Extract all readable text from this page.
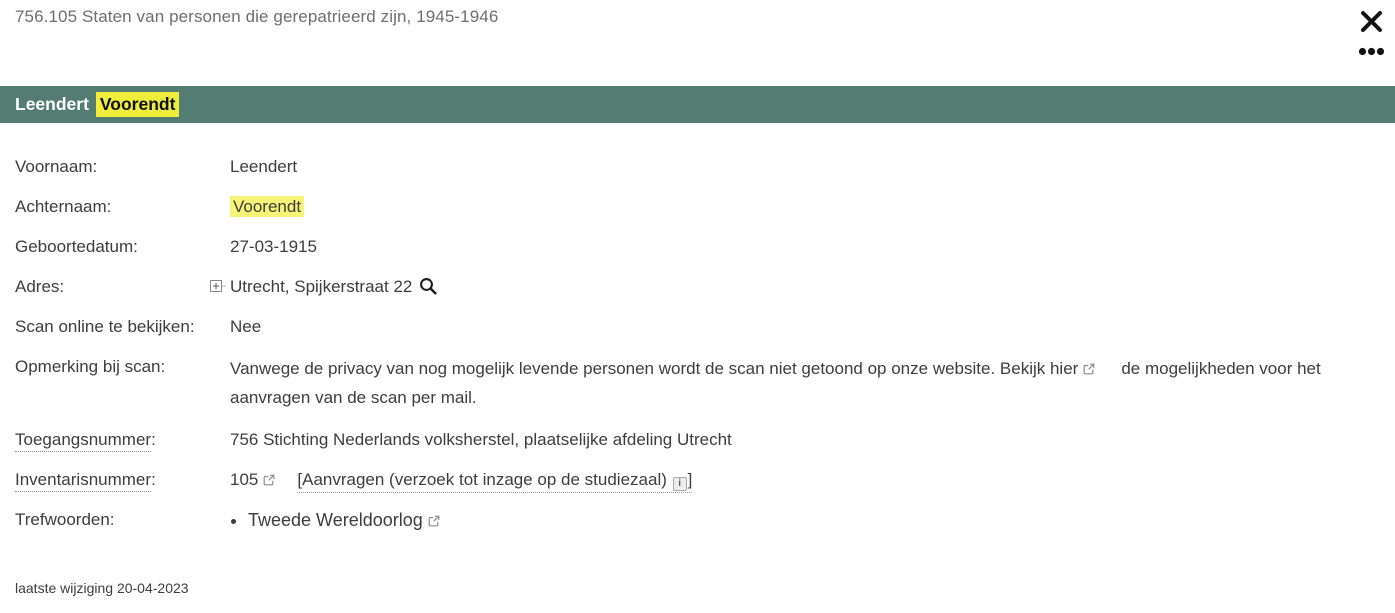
756.105 Staten van personen die gerepatrieerd zijn, 1945-1946
Leendert Voorendt
Voornaam:	Leendert
Achternaam:	Voorendt
Geboortedatum:	27-03-1915
Adres:	Utrecht, Spijkerstraat 22
Scan online te bekijken:	Nee
Opmerking bij scan:	Vanwege de privacy van nog mogelijk levende personen wordt de scan niet getoond op onze website. Bekijk hier	de mogelijkheden voor het aanvragen van de scan per mail.
Toegangsnummer:	756 Stichting Nederlands volksherstel, plaatselijke afdeling Utrecht
Inventarisnummer:	105 [Aanvragen (verzoek tot inzage op de studiezaal) i ]
Trefwoorden:	• Tweede Wereldoorlog
laatste wijziging 20-04-2023
